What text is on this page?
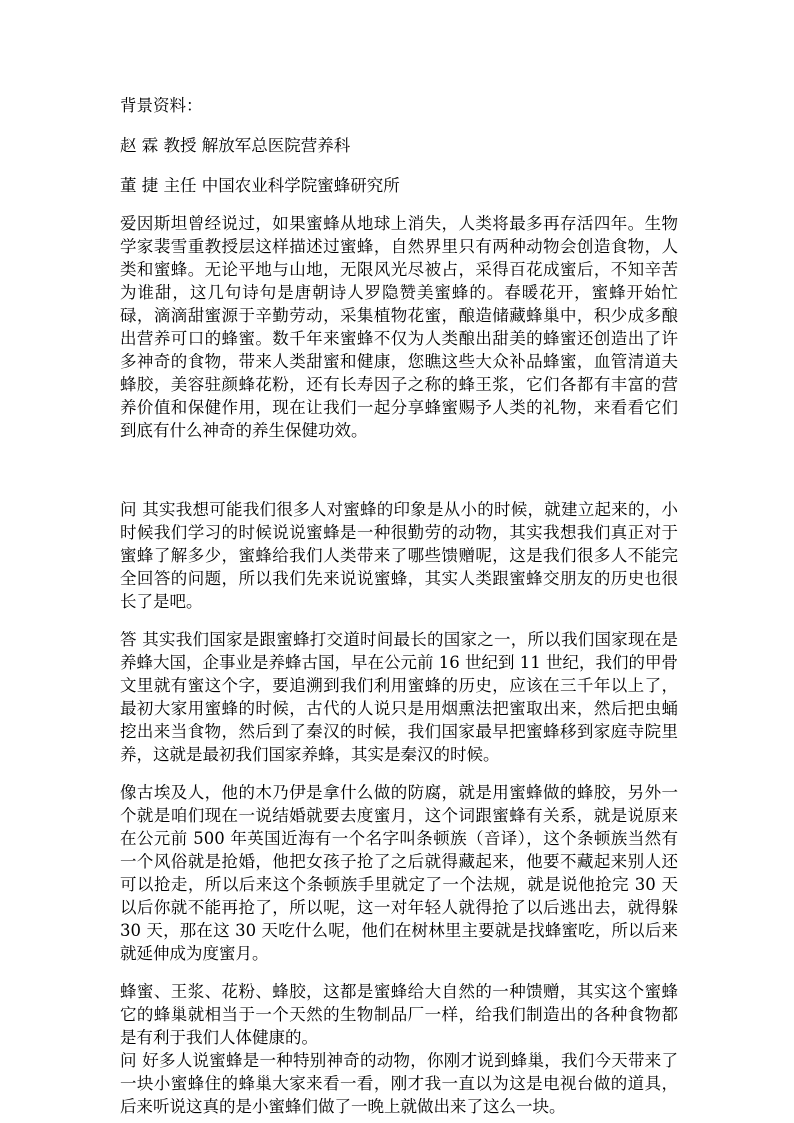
背景资料：

赵 霖 教授 解放军总医院营养科

董 捷 主任 中国农业科学院蜜蜂研究所

爱因斯坦曾经说过，如果蜜蜂从地球上消失，人类将最多再存活四年。生物学家裴雪重教授层这样描述过蜜蜂，自然界里只有两种动物会创造食物，人类和蜜蜂。无论平地与山地，无限风光尽被占，采得百花成蜜后，不知辛苦为谁甜，这几句诗句是唐朝诗人罗隐赞美蜜蜂的。春暖花开，蜜蜂开始忙碌，滴滴甜蜜源于辛勤劳动，采集植物花蜜，酿造储藏蜂巢中，积少成多酿出营养可口的蜂蜜。数千年来蜜蜂不仅为人类酿出甜美的蜂蜜还创造出了许多神奇的食物，带来人类甜蜜和健康，您瞧这些大众补品蜂蜜，血管清道夫蜂胶，美容驻颜蜂花粉，还有长寿因子之称的蜂王浆，它们各都有丰富的营养价值和保健作用，现在让我们一起分享蜂蜜赐予人类的礼物，来看看它们到底有什么神奇的养生保健功效。

问 其实我想可能我们很多人对蜜蜂的印象是从小的时候，就建立起来的，小时候我们学习的时候说说蜜蜂是一种很勤劳的动物，其实我想我们真正对于蜜蜂了解多少，蜜蜂给我们人类带来了哪些馈赠呢，这是我们很多人不能完全回答的问题，所以我们先来说说蜜蜂，其实人类跟蜜蜂交朋友的历史也很长了是吧。

答 其实我们国家是跟蜜蜂打交道时间最长的国家之一，所以我们国家现在是养蜂大国，企事业是养蜂古国，早在公元前 16 世纪到 11 世纪，我们的甲骨文里就有蜜这个字，要追溯到我们利用蜜蜂的历史，应该在三千年以上了，最初大家用蜜蜂的时候，古代的人说只是用烟熏法把蜜取出来，然后把虫蛹挖出来当食物，然后到了秦汉的时候，我们国家最早把蜜蜂移到家庭寺院里养，这就是最初我们国家养蜂，其实是秦汉的时候。

像古埃及人，他的木乃伊是拿什么做的防腐，就是用蜜蜂做的蜂胶，另外一个就是咱们现在一说结婚就要去度蜜月，这个词跟蜜蜂有关系，就是说原来在公元前 500 年英国近海有一个名字叫条顿族（音译），这个条顿族当然有一个风俗就是抢婚，他把女孩子抢了之后就得藏起来，他要不藏起来别人还可以抢走，所以后来这个条顿族手里就定了一个法规，就是说他抢完 30 天以后你就不能再抢了，所以呢，这一对年轻人就得抢了以后逃出去，就得躲 30 天，那在这 30 天吃什么呢，他们在树林里主要就是找蜂蜜吃，所以后来就延伸成为度蜜月。

蜂蜜、王浆、花粉、蜂胶，这都是蜜蜂给大自然的一种馈赠，其实这个蜜蜂它的蜂巢就相当于一个天然的生物制品厂一样，给我们制造出的各种食物都是有利于我们人体健康的。

问 好多人说蜜蜂是一种特别神奇的动物，你刚才说到蜂巢，我们今天带来了一块小蜜蜂住的蜂巢大家来看一看，刚才我一直以为这是电视台做的道具，后来听说这真的是小蜜蜂们做了一晚上就做出来了这么一块。
